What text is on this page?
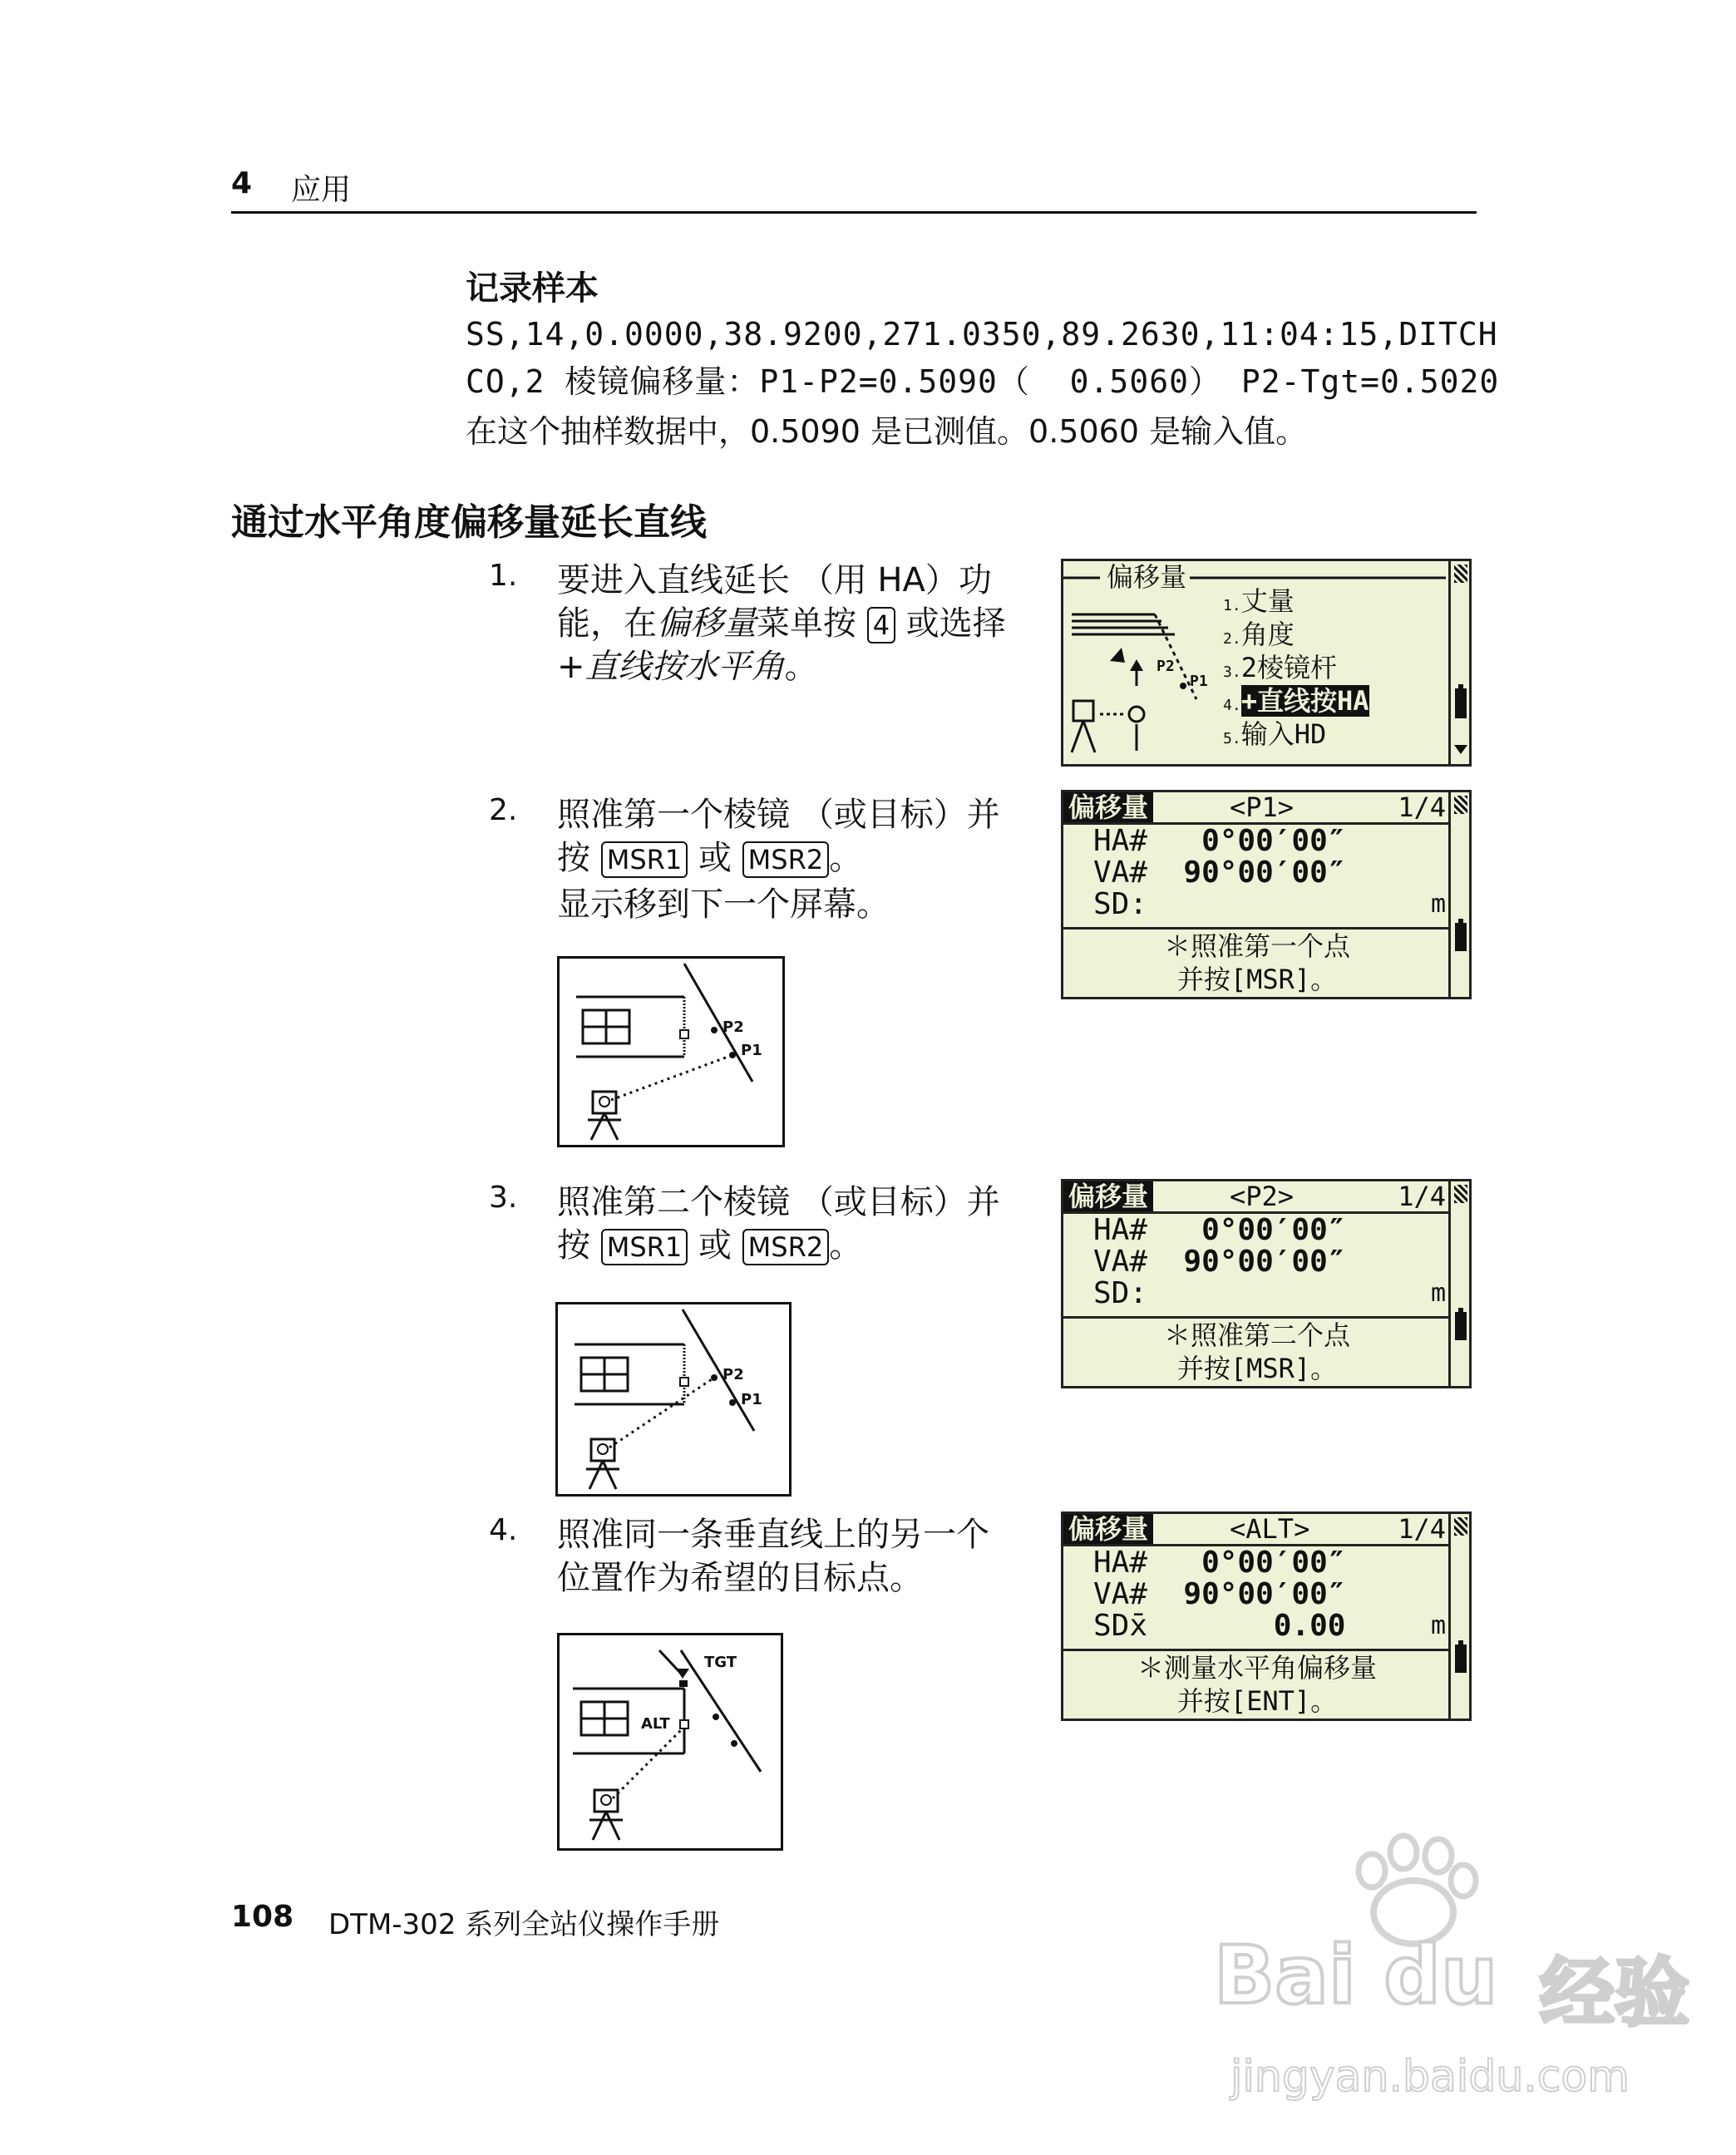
4 应用
记录样本
SS,14,0.0000,38.9200,271.0350,89.2630,11:04:15,DITCH
CO,2 棱镜偏移量：P1-P2=0.5090（  0.5060） P2-Tgt=0.5020
在这个抽样数据中，0.5090 是已测值。0.5060 是输入值。
通过水平角度偏移量延长直线
1. 要进入直线延长 （用 HA）功
能，在偏移量菜单按 4 或选择
+直线按水平角。
偏移量
P2
P1
1.丈量
2.角度
3.2棱镜杆
4.+直线按HA
5.输入HD
2. 照准第一个棱镜 （或目标）并
按 MSR1 或 MSR2 。
显示移到下一个屏幕。
偏移量	<P1>	1/4
HA# 0°00′00″
VA# 90°00′00″
SD:	m
＊照准第一个点
并按[MSR]。
P2
P1
3. 照准第二个棱镜 （或目标）并
按 MSR1 或 MSR2 。
偏移量	<P2>	1/4
HA# 0°00′00″
VA# 90°00′00″
SD:	m
＊照准第二个点
并按[MSR]。
P2
P1
4. 照准同一条垂直线上的另一个
位置作为希望的目标点。
偏移量	<ALT>	1/4
HA# 0°00′00″
VA# 90°00′00″
SDx̄	0.00	m
＊测量水平角偏移量
并按[ENT]。
TGT
ALT
108 DTM-302 系列全站仪操作手册
Bai du 经验
jingyan.baidu.com
